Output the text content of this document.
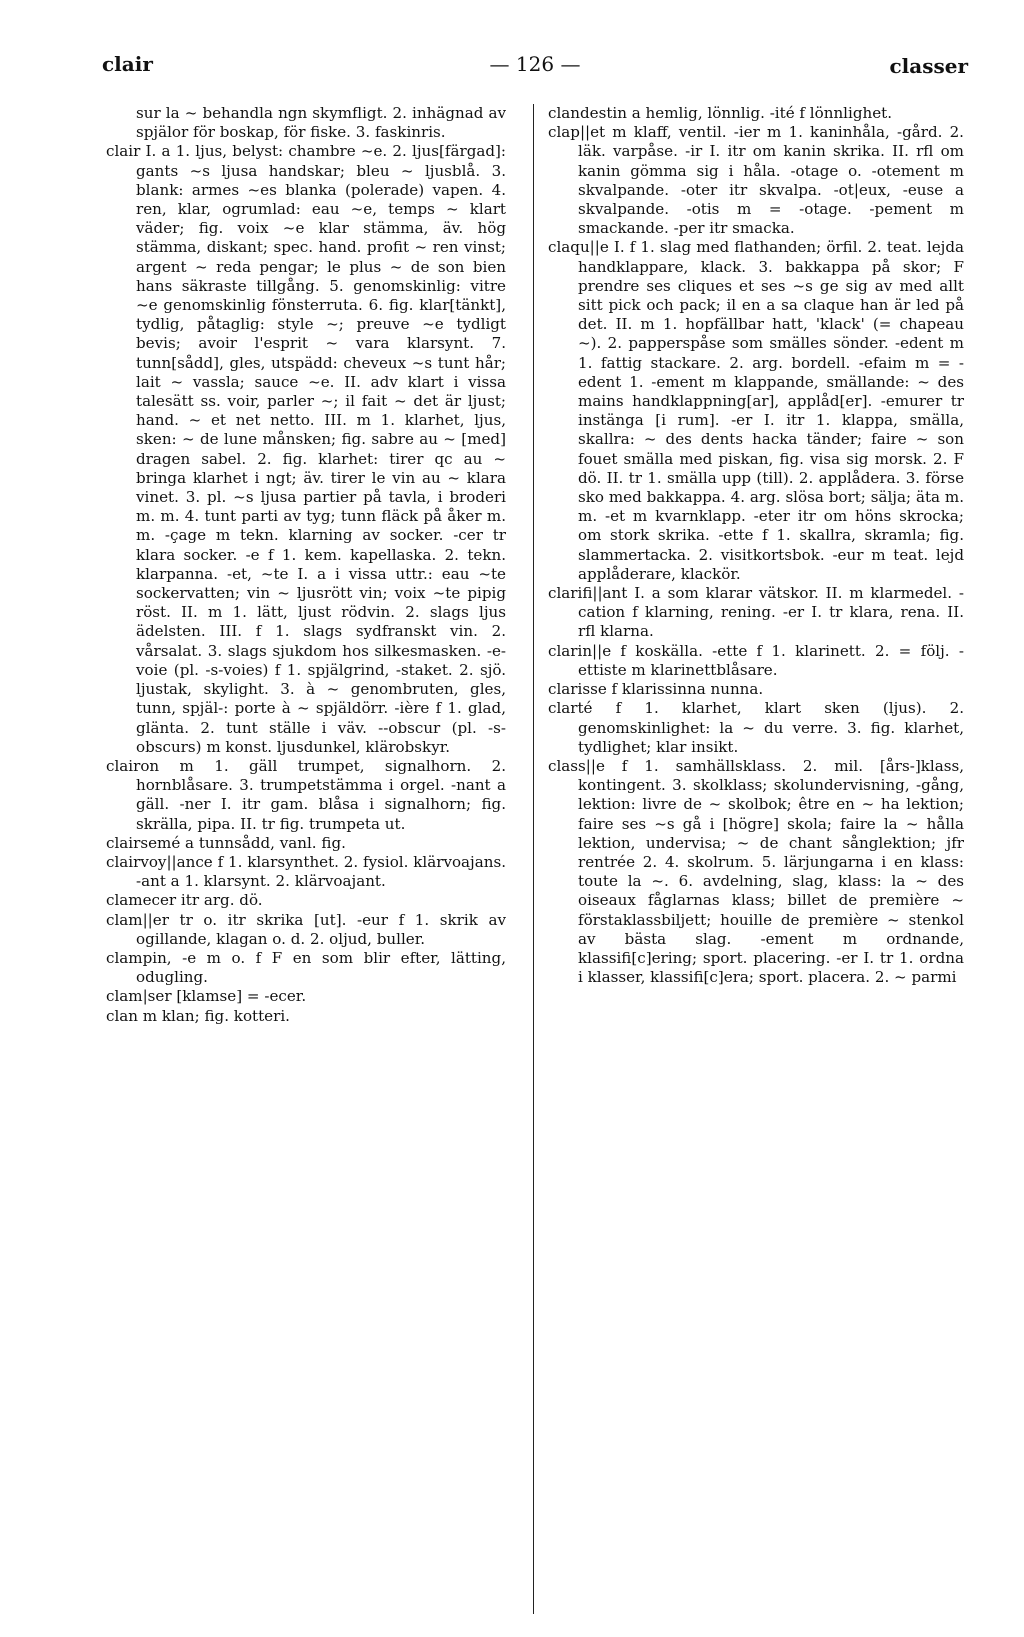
clair	— 126 —	classer

sur la ~ behandla ngn skymfligt. 2. inhägnad av spjälor för boskap, för fiske. 3. faskinris.

clair I. a 1. ljus, belyst: chambre ~e. 2. ljus[färgad]: gants ~s ljusa handskar; bleu ~ ljusblå. 3. blank: armes ~es blanka (polerade) vapen. 4. ren, klar, ogrumlad: eau ~e, temps ~ klart väder; fig. voix ~e klar stämma, äv. hög stämma, diskant; spec. hand. profit ~ ren vinst; argent ~ reda pengar; le plus ~ de son bien hans säkraste tillgång. 5. genomskinlig: vitre ~e genomskinlig fönsterruta. 6. fig. klar[tänkt], tydlig, påtaglig: style ~; preuve ~e tydligt bevis; avoir l'esprit ~ vara klarsynt. 7. tunn[sådd], gles, utspädd: cheveux ~s tunt hår; lait ~ vassla; sauce ~e. II. adv klart i vissa talesätt ss. voir, parler ~; il fait ~ det är ljust; hand. ~ et net netto. III. m 1. klarhet, ljus, sken: ~ de lune månsken; fig. sabre au ~ [med] dragen sabel. 2. fig. klarhet: tirer qc au ~ bringa klarhet i ngt; äv. tirer le vin au ~ klara vinet. 3. pl. ~s ljusa partier på tavla, i broderi m. m. 4. tunt parti av tyg; tunn fläck på åker m. m. -çage m tekn. klarning av socker. -cer tr klara socker. -e f 1. kem. kapellaska. 2. tekn. klarpanna. -et, ~te I. a i vissa uttr.: eau ~te sockervatten; vin ~ ljusrött vin; voix ~te pipig röst. II. m 1. lätt, ljust rödvin. 2. slags ljus ädelsten. III. f 1. slags sydfranskt vin. 2. vårsalat. 3. slags sjukdom hos silkesmasken. -e-voie (pl. -s-voies) f 1. spjälgrind, -staket. 2. sjö. ljustak, skylight. 3. à ~ genombruten, gles, tunn, spjäl-: porte à ~ spjäldörr. -ière f 1. glad, glänta. 2. tunt ställe i väv. --obscur (pl. -s-obscurs) m konst. ljusdunkel, klärobskyr.

clairon m 1. gäll trumpet, signalhorn. 2. hornblåsare. 3. trumpetstämma i orgel. -nant a gäll. -ner I. itr gam. blåsa i signalhorn; fig. skrälla, pipa. II. tr fig. trumpeta ut.

clairsemé a tunnsådd, vanl. fig.

clairvoy||ance f 1. klarsynthet. 2. fysiol. klärvoajans. -ant a 1. klarsynt. 2. klärvoajant.

clamecer itr arg. dö.

clam||er tr o. itr skrika [ut]. -eur f 1. skrik av ogillande, klagan o. d. 2. oljud, buller.

clampin, -e m o. f F en som blir efter, lätting, odugling.

clam|ser [klamse] = -ecer.

clan m klan; fig. kotteri.

clandestin a hemlig, lönnlig. -ité f lönnlighet.

clap||et m klaff, ventil. -ier m 1. kaninhåla, -gård. 2. läk. varpåse. -ir I. itr om kanin skrika. II. rfl om kanin gömma sig i håla. -otage o. -otement m skvalpande. -oter itr skvalpa. -ot|eux, -euse a skvalpande. -otis m = -otage. -pement m smackande. -per itr smacka.

claqu||e I. f 1. slag med flathanden; örfil. 2. teat. lejda handklappare, klack. 3. bakkappa på skor; F prendre ses cliques et ses ~s ge sig av med allt sitt pick och pack; il en a sa claque han är led på det. II. m 1. hopfällbar hatt, 'klack' (= chapeau ~). 2. papperspåse som smälles sönder. -edent m 1. fattig stackare. 2. arg. bordell. -efaim m = -edent 1. -ement m klappande, smällande: ~ des mains handklappning[ar], applåd[er]. -emurer tr instänga [i rum]. -er I. itr 1. klappa, smälla, skallra: ~ des dents hacka tänder; faire ~ son fouet smälla med piskan, fig. visa sig morsk. 2. F dö. II. tr 1. smälla upp (till). 2. applådera. 3. förse sko med bakkappa. 4. arg. slösa bort; sälja; äta m. m. -et m kvarnklapp. -eter itr om höns skrocka; om stork skrika. -ette f 1. skallra, skramla; fig. slammertacka. 2. visitkortsbok. -eur m teat. lejd applåderare, klackör.

clarifi||ant I. a som klarar vätskor. II. m klarmedel. -cation f klarning, rening. -er I. tr klara, rena. II. rfl klarna.

clarin||e f koskälla. -ette f 1. klarinett. 2. = följ. -ettiste m klarinettblåsare.

clarisse f klarissinna nunna.

clarté f 1. klarhet, klart sken (ljus). 2. genomskinlighet: la ~ du verre. 3. fig. klarhet, tydlighet; klar insikt.

class||e f 1. samhällsklass. 2. mil. [års-]klass, kontingent. 3. skolklass; skolundervisning, -gång, lektion: livre de ~ skolbok; être en ~ ha lektion; faire ses ~s gå i [högre] skola; faire la ~ hålla lektion, undervisa; ~ de chant sånglektion; jfr rentrée 2. 4. skolrum. 5. lärjungarna i en klass: toute la ~. 6. avdelning, slag, klass: la ~ des oiseaux fåglarnas klass; billet de première ~ förstaklassbiljett; houille de première ~ stenkol av bästa slag. -ement m ordnande, klassifi[c]ering; sport. placering. -er I. tr 1. ordna i klasser, klassifi[c]era; sport. placera. 2. ~ parmi
